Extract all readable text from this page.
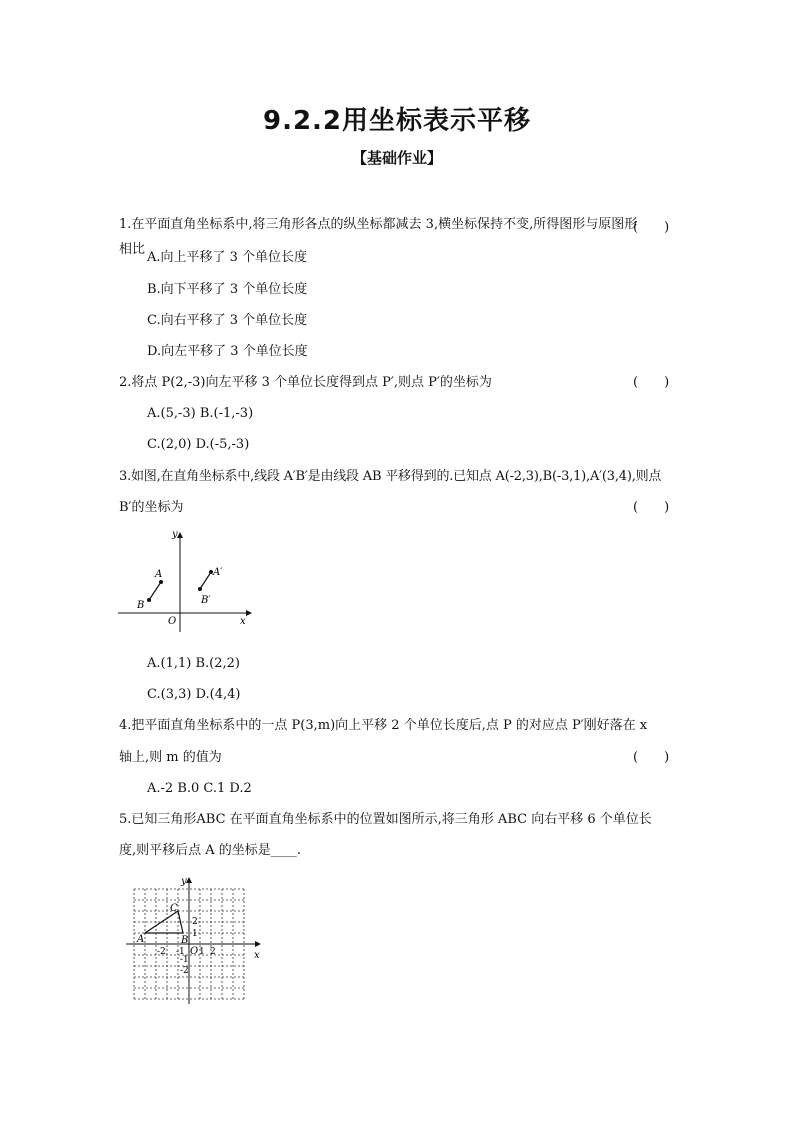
9.2.2用坐标表示平移
【基础作业】
1.在平面直角坐标系中,将三角形各点的纵坐标都减去 3,横坐标保持不变,所得图形与原图形
相比
(　　)
A.向上平移了 3 个单位长度
B.向下平移了 3 个单位长度
C.向右平移了 3 个单位长度
D.向左平移了 3 个单位长度
2.将点 P(2,-3)向左平移 3 个单位长度得到点 P′,则点 P′的坐标为	(　　)
A.(5,-3) B.(-1,-3)
C.(2,0) D.(-5,-3)
3.如图,在直角坐标系中,线段 A′B′是由线段 AB 平移得到的.已知点 A(-2,3),B(-3,1),A′(3,4),则点
B′的坐标为	(　　)
y
x
O
A
B
A′
B′
A.(1,1) B.(2,2)
C.(3,3) D.(4,4)
4.把平面直角坐标系中的一点 P(3,m)向上平移 2 个单位长度后,点 P 的对应点 P′刚好落在 x
轴上,则 m 的值为	(　　)
A.-2 B.0 C.1 D.2
5.已知三角形ABC 在平面直角坐标系中的位置如图所示,将三角形 ABC 向右平移 6 个单位长
度,则平移后点 A 的坐标是____.
y
x
A	B
C
O
-2 -1 1 2
2
1
-1
-2
